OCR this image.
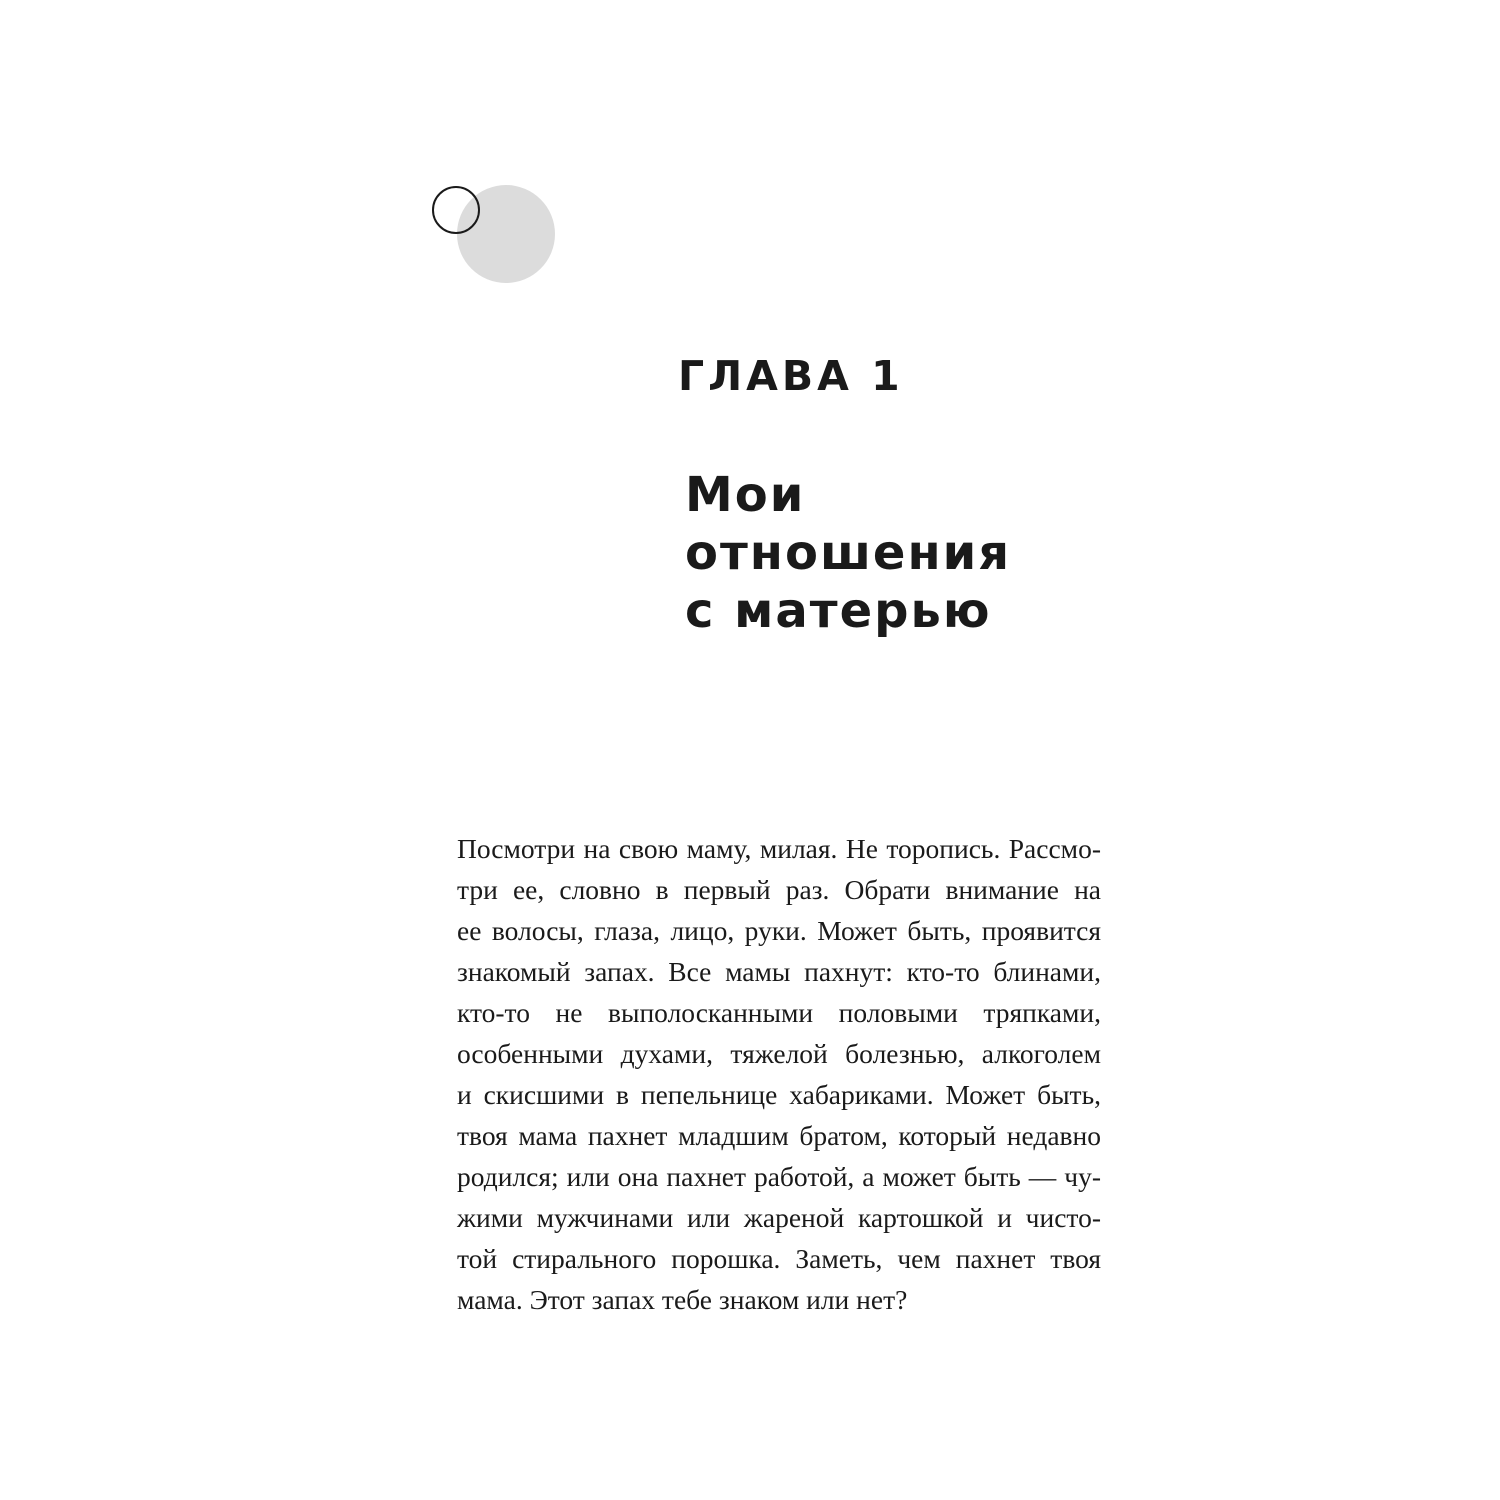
ГЛАВА 1
Мои
отношения
с матерью
Посмотри на свою маму, милая. Не торопись. Рассмо-
три ее, словно в первый раз. Обрати внимание на
ее волосы, глаза, лицо, руки. Может быть, проявится
знакомый запах. Все мамы пахнут: кто-то блинами,
кто-то не выполосканными половыми тряпками,
особенными духами, тяжелой болезнью, алкоголем
и скисшими в пепельнице хабариками. Может быть,
твоя мама пахнет младшим братом, который недавно
родился; или она пахнет работой, а может быть — чу-
жими мужчинами или жареной картошкой и чисто-
той стирального порошка. Заметь, чем пахнет твоя
мама. Этот запах тебе знаком или нет?
